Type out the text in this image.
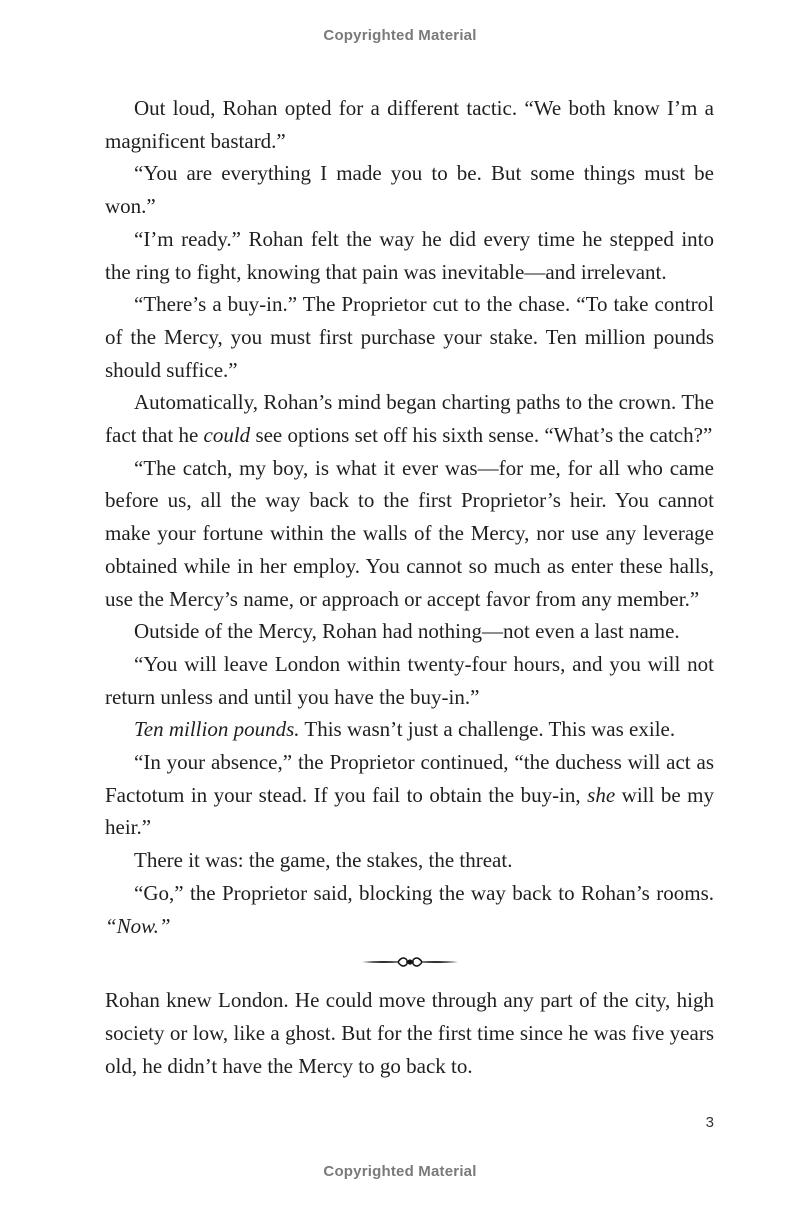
Copyrighted Material

Out loud, Rohan opted for a different tactic. “We both know I’m a magnificent bastard.”

“You are everything I made you to be. But some things must be won.”

“I’m ready.” Rohan felt the way he did every time he stepped into the ring to fight, knowing that pain was inevitable—and irrelevant.

“There’s a buy-in.” The Proprietor cut to the chase. “To take control of the Mercy, you must first purchase your stake. Ten million pounds should suffice.”

Automatically, Rohan’s mind began charting paths to the crown. The fact that he could see options set off his sixth sense. “What’s the catch?”

“The catch, my boy, is what it ever was—for me, for all who came before us, all the way back to the first Proprietor’s heir. You cannot make your fortune within the walls of the Mercy, nor use any leverage obtained while in her employ. You cannot so much as enter these halls, use the Mercy’s name, or approach or accept favor from any member.”

Outside of the Mercy, Rohan had nothing—not even a last name.

“You will leave London within twenty-four hours, and you will not return unless and until you have the buy-in.”

Ten million pounds. This wasn’t just a challenge. This was exile.

“In your absence,” the Proprietor continued, “the duchess will act as Factotum in your stead. If you fail to obtain the buy-in, she will be my heir.”

There it was: the game, the stakes, the threat.

“Go,” the Proprietor said, blocking the way back to Rohan’s rooms. “Now.”

Rohan knew London. He could move through any part of the city, high society or low, like a ghost. But for the first time since he was five years old, he didn’t have the Mercy to go back to.

3
Copyrighted Material
